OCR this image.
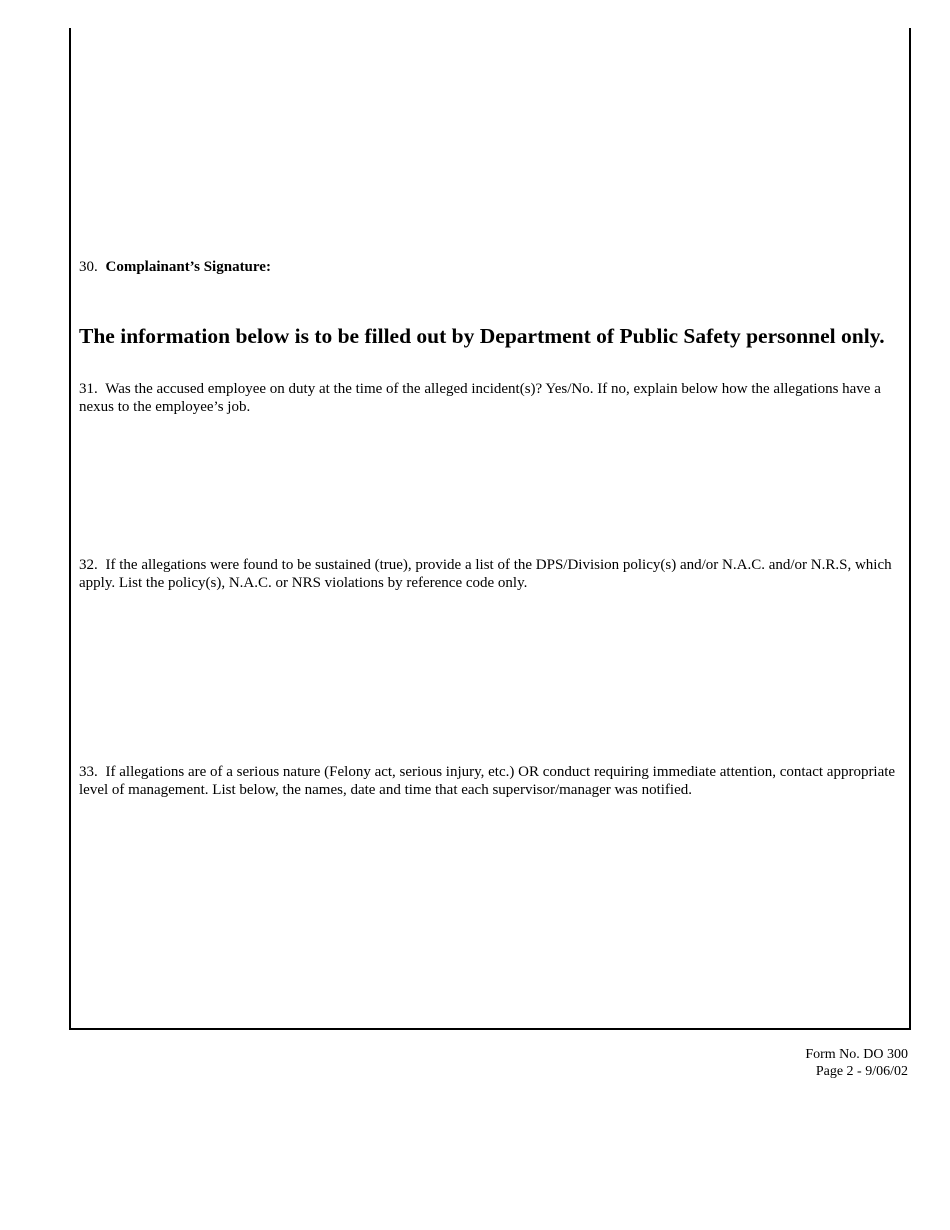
30. Complainant’s Signature:
The information below is to be filled out by Department of Public Safety personnel only.
31. Was the accused employee on duty at the time of the alleged incident(s)? Yes/No. If no, explain below how the allegations have a nexus to the employee’s job.
32. If the allegations were found to be sustained (true), provide a list of the DPS/Division policy(s) and/or N.A.C. and/or N.R.S, which apply. List the policy(s), N.A.C. or NRS violations by reference code only.
33. If allegations are of a serious nature (Felony act, serious injury, etc.) OR conduct requiring immediate attention, contact appropriate level of management. List below, the names, date and time that each supervisor/manager was notified.
Form No. DO 300
Page 2 - 9/06/02
